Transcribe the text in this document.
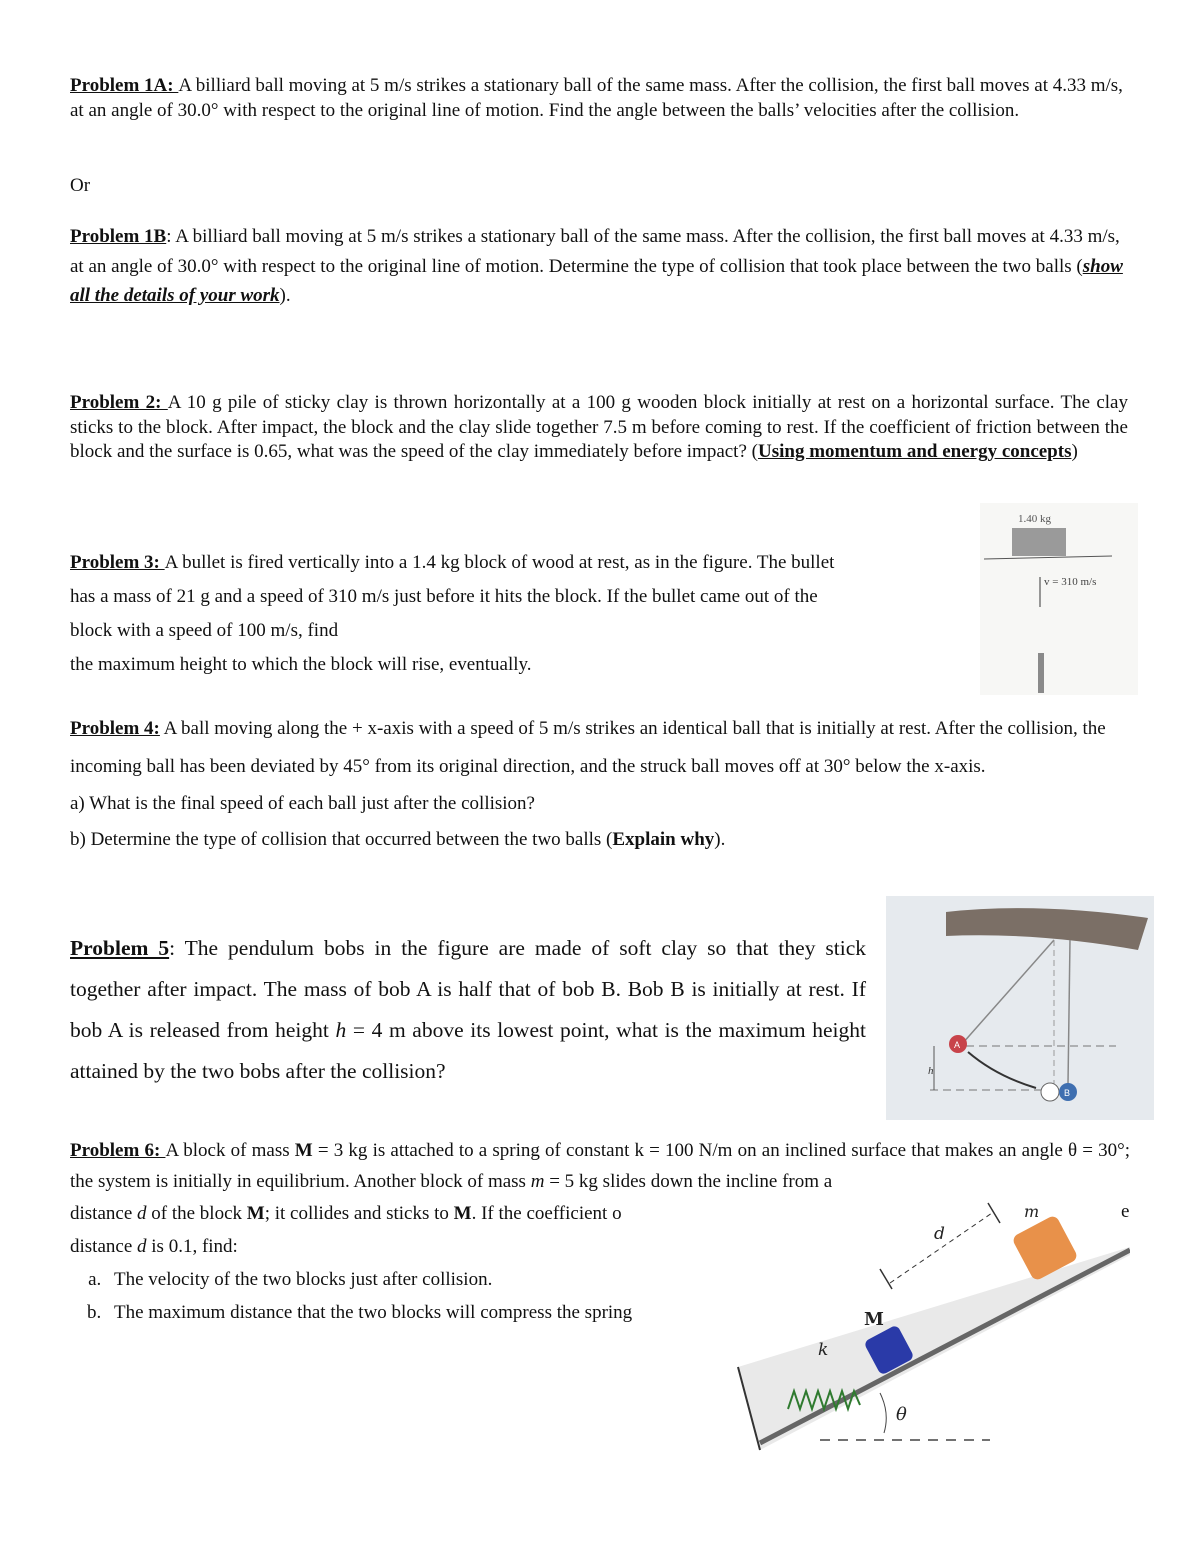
Problem 1A: A billiard ball moving at 5 m/s strikes a stationary ball of the same mass. After the collision, the first ball moves at 4.33 m/s, at an angle of 30.0° with respect to the original line of motion. Find the angle between the balls’ velocities after the collision.
Or
Problem 1B: A billiard ball moving at 5 m/s strikes a stationary ball of the same mass. After the collision, the first ball moves at 4.33 m/s, at an angle of 30.0° with respect to the original line of motion. Determine the type of collision that took place between the two balls (show all the details of your work).
Problem 2: A 10 g pile of sticky clay is thrown horizontally at a 100 g wooden block initially at rest on a horizontal surface. The clay sticks to the block. After impact, the block and the clay slide together 7.5 m before coming to rest. If the coefficient of friction between the block and the surface is 0.65, what was the speed of the clay immediately before impact? (Using momentum and energy concepts)
Problem 3: A bullet is fired vertically into a 1.4 kg block of wood at rest, as in the figure. The bullet
has a mass of 21 g and a speed of 310 m/s just before it hits the block. If the bullet came out of the
block with a speed of 100 m/s, find
the maximum height to which the block will rise, eventually.
1.40 kg
v = 310 m/s
Problem 4: A ball moving along the + x-axis with a speed of 5 m/s strikes an identical ball that is initially at rest. After the collision, the incoming ball has been deviated by 45° from its original direction, and the struck ball moves off at 30° below the x-axis.
a) What is the final speed of each ball just after the collision?
b) Determine the type of collision that occurred between the two balls (Explain why).
Problem 5: The pendulum bobs in the figure are made of soft clay so that they stick together after impact. The mass of bob A is half that of bob B. Bob B is initially at rest. If bob A is released from height h = 4 m above its lowest point, what is the maximum height attained by the two bobs after the collision?	h
A
B
Problem 6: A block of mass M = 3 kg is attached to a spring of constant k = 100 N/m on an inclined surface that makes an angle θ = 30°; the system is initially in equilibrium. Another block of mass m = 5 kg slides down the incline from a
distance d of the block M; it collides and sticks to M. If the coefficient o
distance d is 0.1, find:
a. The velocity of the two blocks just after collision.
b. The maximum distance that the two blocks will compress the spring
e
θ
k
M
m
d
